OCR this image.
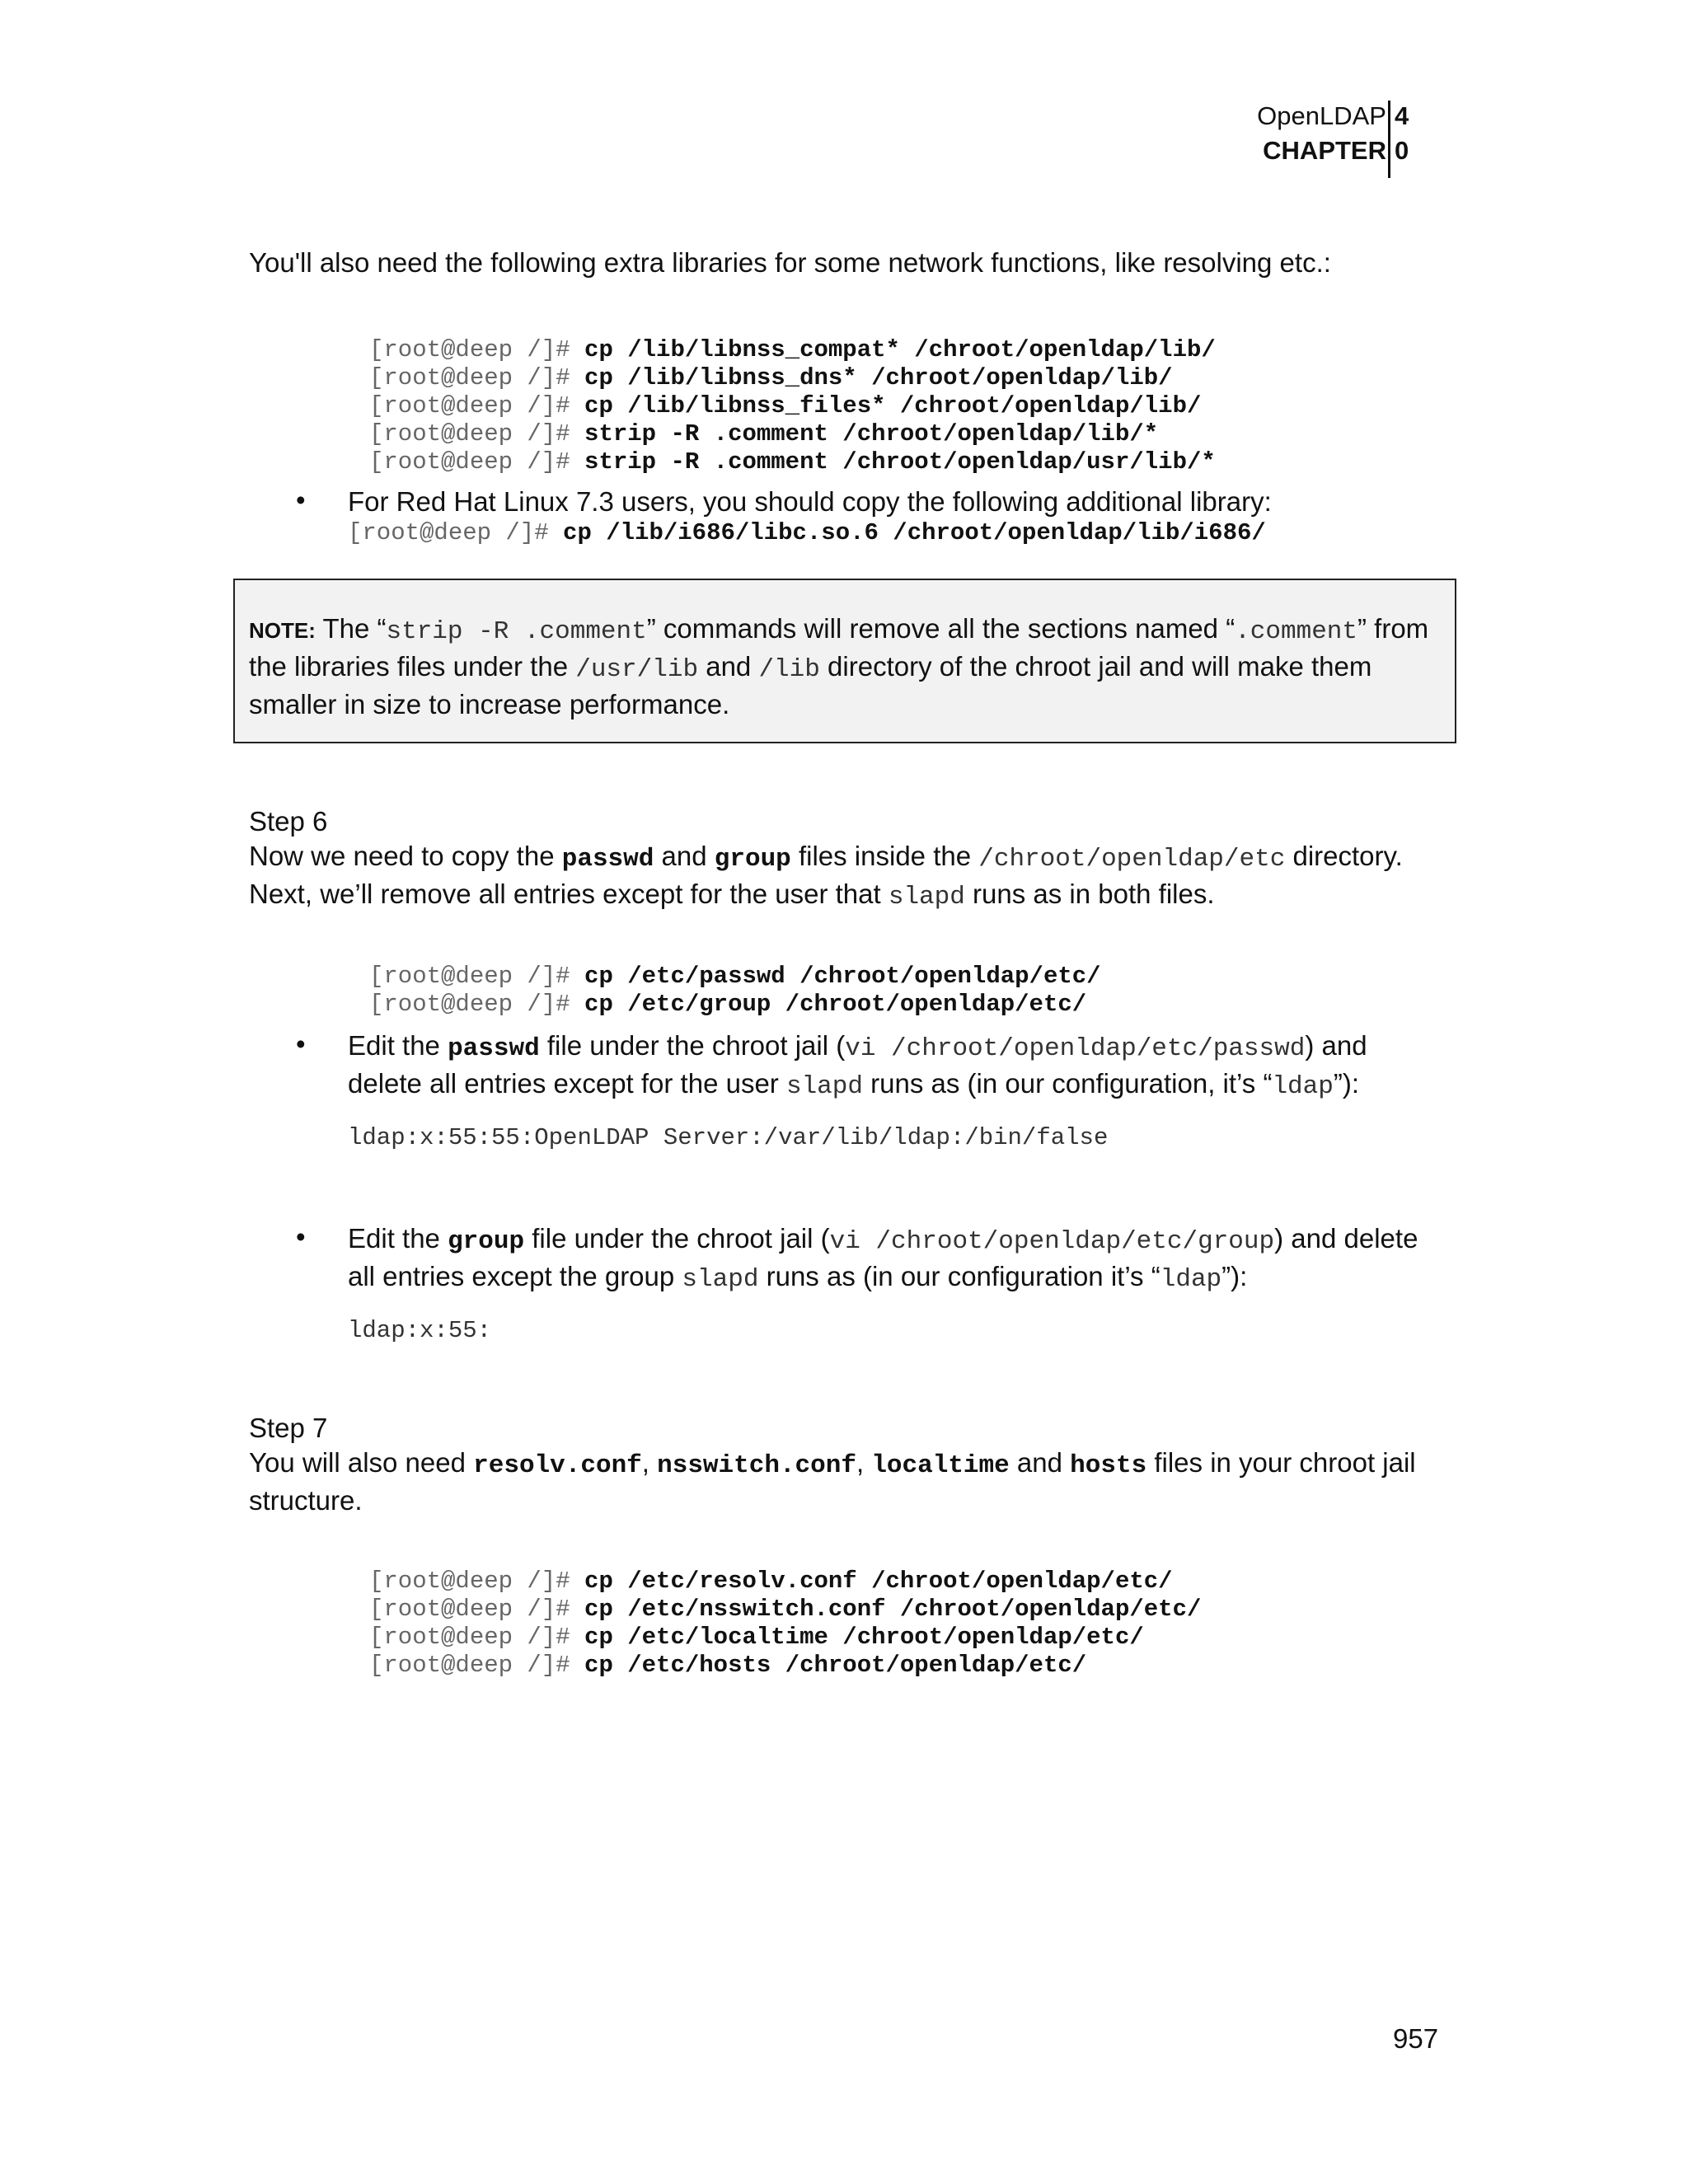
OpenLDAP
CHAPTER
4
0
You'll also need the following extra libraries for some network functions, like resolving etc.:

[root@deep /]# cp /lib/libnss_compat* /chroot/openldap/lib/
[root@deep /]# cp /lib/libnss_dns* /chroot/openldap/lib/
[root@deep /]# cp /lib/libnss_files* /chroot/openldap/lib/
[root@deep /]# strip -R .comment /chroot/openldap/lib/*
[root@deep /]# strip -R .comment /chroot/openldap/usr/lib/*

• For Red Hat Linux 7.3 users, you should copy the following additional library:
[root@deep /]# cp /lib/i686/libc.so.6 /chroot/openldap/lib/i686/
NOTE: The “strip -R .comment” commands will remove all the sections named “.comment” from the libraries files under the /usr/lib and /lib directory of the chroot jail and will make them smaller in size to increase performance.
Step 6
Now we need to copy the passwd and group files inside the /chroot/openldap/etc directory. Next, we’ll remove all entries except for the user that slapd runs as in both files.

[root@deep /]# cp /etc/passwd /chroot/openldap/etc/
[root@deep /]# cp /etc/group /chroot/openldap/etc/

• Edit the passwd file under the chroot jail (vi /chroot/openldap/etc/passwd) and delete all entries except for the user slapd runs as (in our configuration, it’s “ldap”):
ldap:x:55:55:OpenLDAP Server:/var/lib/ldap:/bin/false
• Edit the group file under the chroot jail (vi /chroot/openldap/etc/group) and delete all entries except the group slapd runs as (in our configuration it’s “ldap”):
ldap:x:55:
Step 7
You will also need resolv.conf, nsswitch.conf, localtime and hosts files in your chroot jail structure.

[root@deep /]# cp /etc/resolv.conf /chroot/openldap/etc/
[root@deep /]# cp /etc/nsswitch.conf /chroot/openldap/etc/
[root@deep /]# cp /etc/localtime /chroot/openldap/etc/
[root@deep /]# cp /etc/hosts /chroot/openldap/etc/

957
